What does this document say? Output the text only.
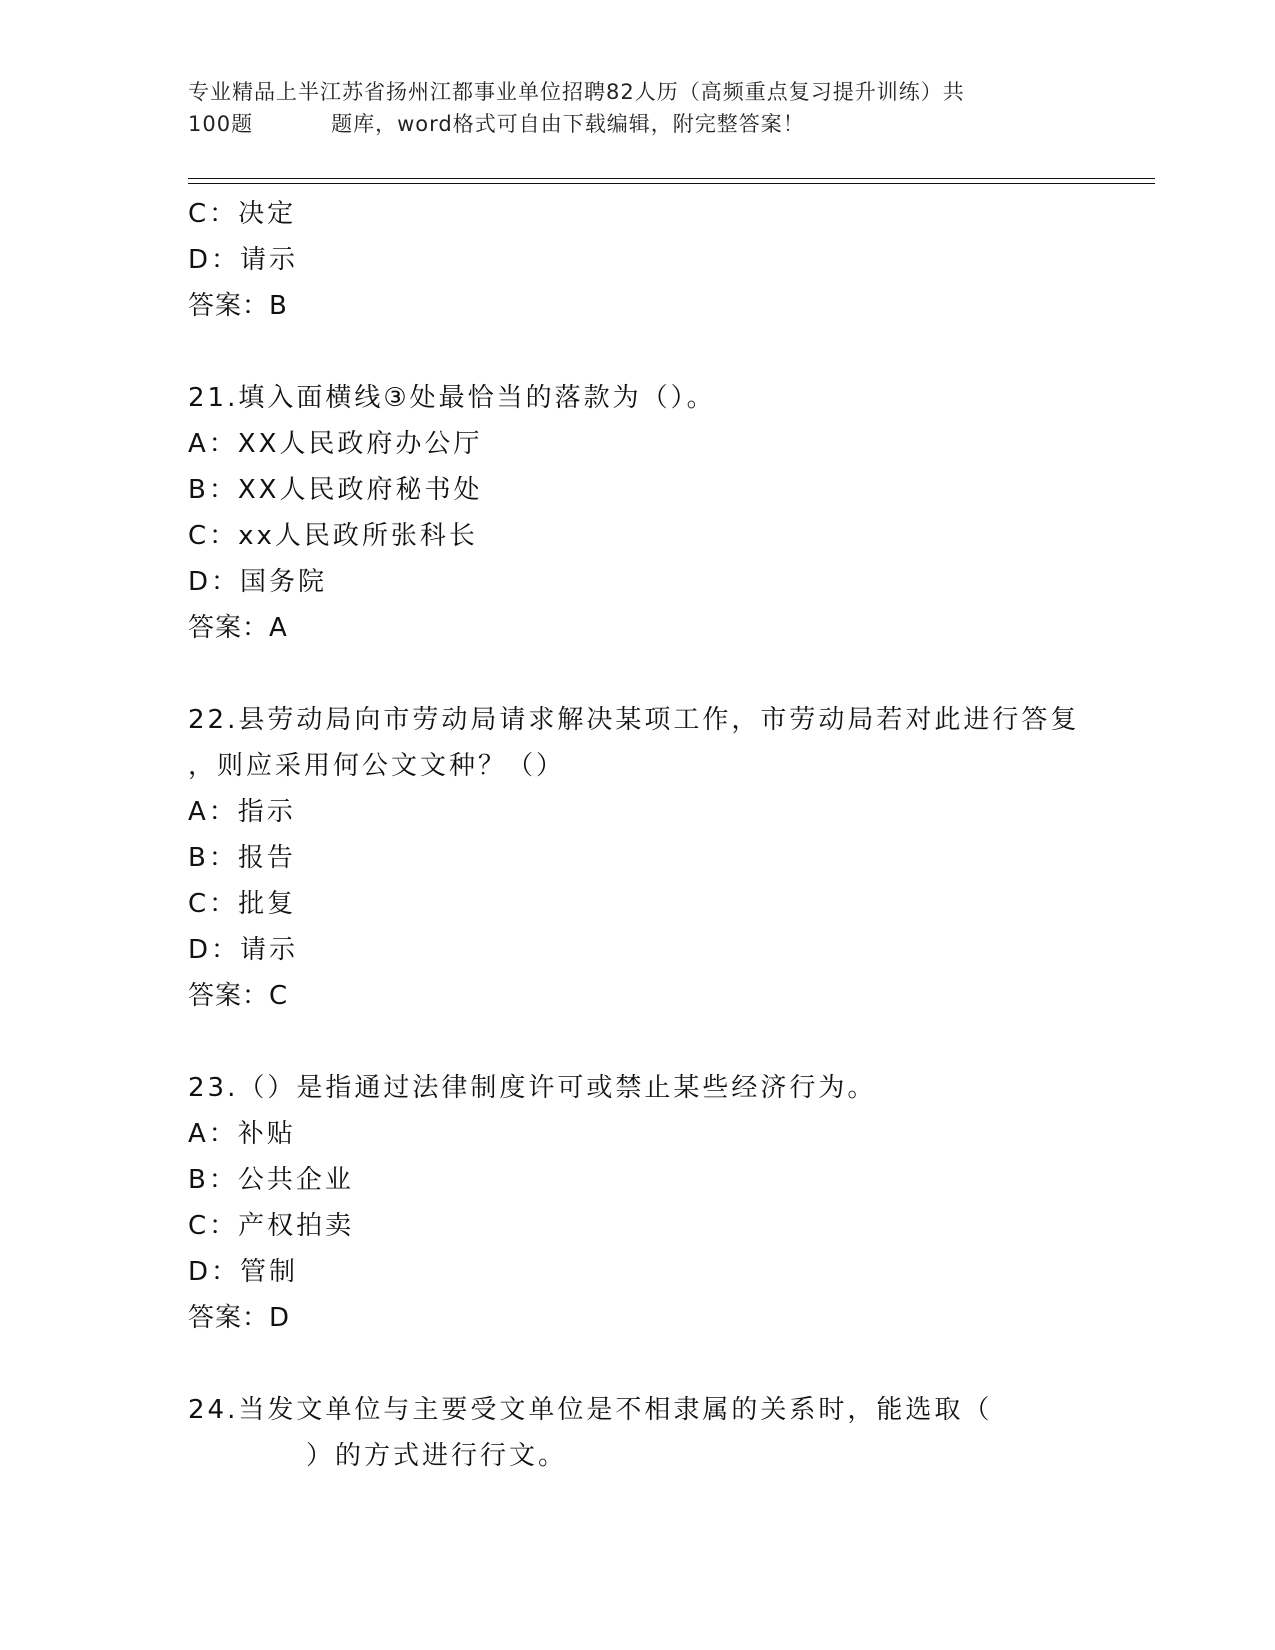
专业精品上半江苏省扬州江都事业单位招聘82人历（高频重点复习提升训练）共
100题	题库，word格式可自由下载编辑，附完整答案！
C：决定
D：请示
答案：B
21.填入面横线③处最恰当的落款为（）。
A：XX人民政府办公厅
B：XX人民政府秘书处
C：xx人民政所张科长
D：国务院
答案：A
22.县劳动局向市劳动局请求解决某项工作，市劳动局若对此进行答复
，则应采用何公文文种？（）
A：指示
B：报告
C：批复
D：请示
答案：C
23.（）是指通过法律制度许可或禁止某些经济行为。
A：补贴
B：公共企业
C：产权拍卖
D：管制
答案：D
24.当发文单位与主要受文单位是不相隶属的关系时，能选取（
）的方式进行行文。
